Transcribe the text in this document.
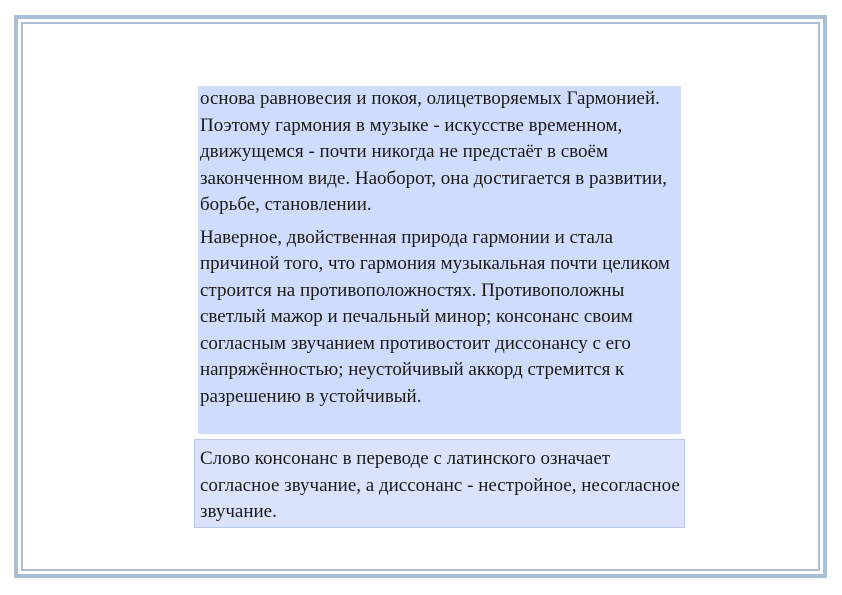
основа равновесия и покоя, олицетворяемых Гармонией. Поэтому гармония в музыке - искусстве временном, движущемся - почти никогда не предстаёт в своём законченном виде. Наоборот, она достигается в развитии, борьбе, становлении.

Наверное, двойственная природа гармонии и стала причиной того, что гармония музыкальная почти целиком строится на противоположностях. Противоположны светлый мажор и печальный минор; консонанс своим согласным звучанием противостоит диссонансу с его напряжённостью; неустойчивый аккорд стремится к разрешению в устойчивый.

Слово консонанс в переводе с латинского означает согласное звучание, а диссонанс - нестройное, несогласное звучание.
